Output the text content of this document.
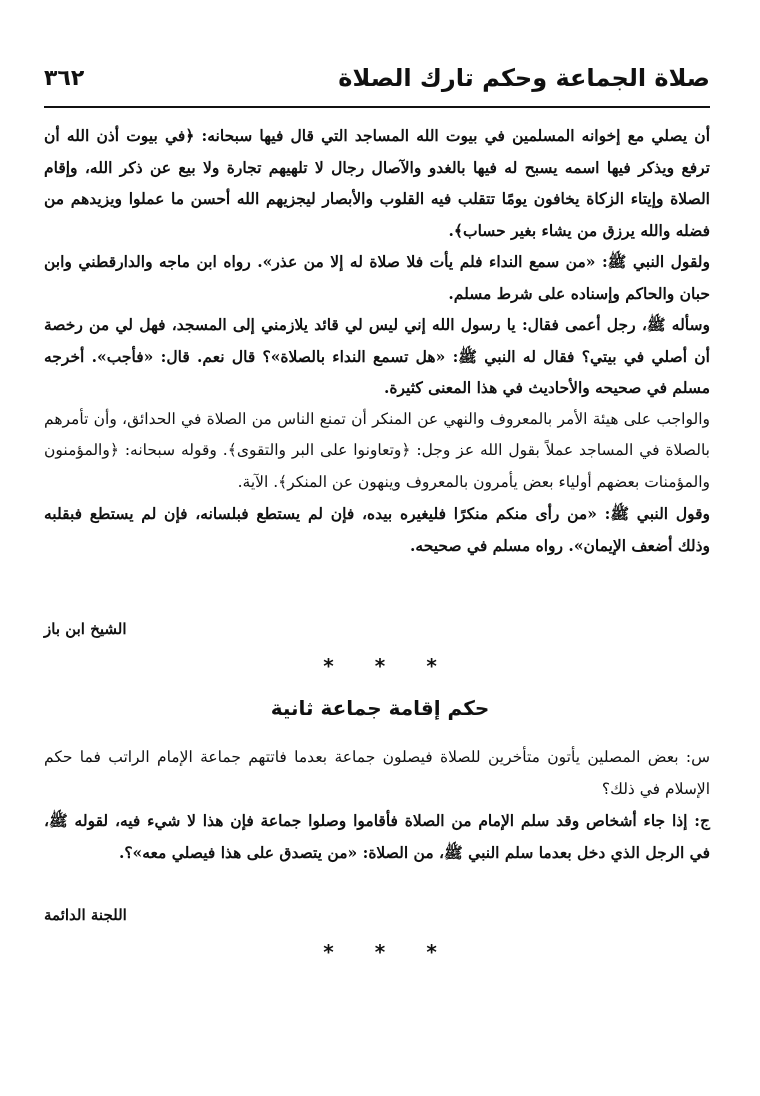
صلاة الجماعة وحكم تارك الصلاة
٣٦٢

أن يصلي مع إخوانه المسلمين في بيوت الله المساجد التي قال فيها سبحانه: ﴿في بيوت أذن الله أن ترفع ويذكر فيها اسمه يسبح له فيها بالغدو والآصال رجال لا تلهيهم تجارة ولا بيع عن ذكر الله، وإقام الصلاة وإيتاء الزكاة يخافون يومًا تتقلب فيه القلوب والأبصار ليجزيهم الله أحسن ما عملوا ويزيدهم من فضله والله يرزق من يشاء بغير حساب﴾.

ولقول النبي ﷺ: «من سمع النداء فلم يأت فلا صلاة له إلا من عذر». رواه ابن ماجه والدارقطني وابن حبان والحاكم وإسناده على شرط مسلم.

وسأله ﷺ، رجل أعمى فقال: يا رسول الله إني ليس لي قائد يلازمني إلى المسجد، فهل لي من رخصة أن أصلي في بيتي؟ فقال له النبي ﷺ: «هل تسمع النداء بالصلاة»؟ قال نعم. قال: «فأجب». أخرجه مسلم في صحيحه والأحاديث في هذا المعنى كثيرة.

والواجب على هيئة الأمر بالمعروف والنهي عن المنكر أن تمنع الناس من الصلاة في الحدائق، وأن تأمرهم بالصلاة في المساجد عملاً بقول الله عز وجل: ﴿وتعاونوا على البر والتقوى﴾. وقوله سبحانه: ﴿والمؤمنون والمؤمنات بعضهم أولياء بعض يأمرون بالمعروف وينهون عن المنكر﴾. الآية.

وقول النبي ﷺ: «من رأى منكم منكرًا فليغيره بيده، فإن لم يستطع فبلسانه، فإن لم يستطع فبقلبه وذلك أضعف الإيمان». رواه مسلم في صحيحه.

الشيخ ابن باز
* * *
حكم إقامة جماعة ثانية

س: بعض المصلين يأتون متأخرين للصلاة فيصلون جماعة بعدما فاتتهم جماعة الإمام الراتب فما حكم الإسلام في ذلك؟

ج: إذا جاء أشخاص وقد سلم الإمام من الصلاة فأقاموا وصلوا جماعة فإن هذا لا شيء فيه، لقوله ﷺ، في الرجل الذي دخل بعدما سلم النبي ﷺ، من الصلاة: «من يتصدق على هذا فيصلي معه»؟.

اللجنة الدائمة
* * *
